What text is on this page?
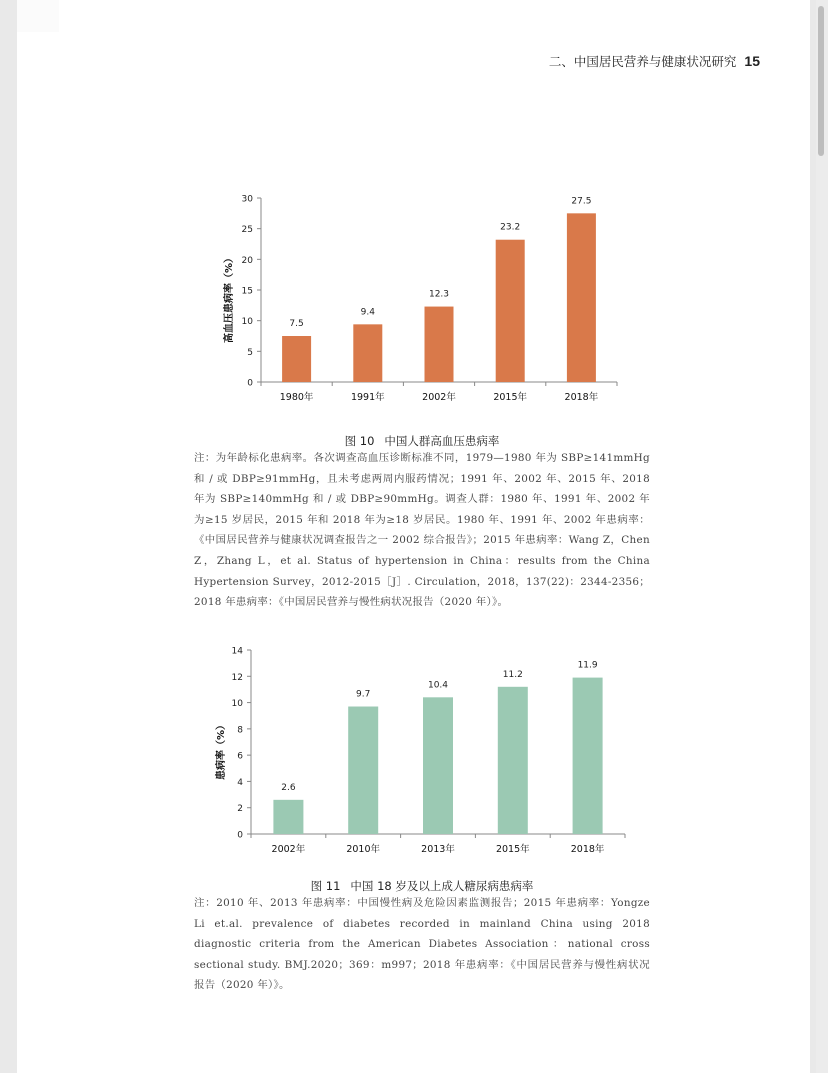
二、中国居民营养与健康状况研究 15
0
5
10
15
20
25
30
高血压患病率（%）	7.5
1980年
9.4
1991年
12.3
2002年
23.2
2015年
27.5
2018年
图 10 中国人群高血压患病率
注：为年龄标化患病率。各次调查高血压诊断标准不同，1979—1980 年为 SBP≥141mmHg 和 / 或 DBP≥91mmHg，且未考虑两周内服药情况；1991 年、2002 年、2015 年、2018 年为 SBP≥140mmHg 和 / 或 DBP≥90mmHg。调查人群：1980 年、1991 年、2002 年为≥15 岁居民，2015 年和 2018 年为≥18 岁居民。1980 年、1991 年、2002 年患病率：《中国居民营养与健康状况调查报告之一 2002 综合报告》；2015 年患病率：Wang Z，Chen Z，Zhang L，et al. Status of hypertension in China：results from the China Hypertension Survey，2012-2015［J］. Circulation，2018，137(22)：2344-2356；2018 年患病率：《中国居民营养与慢性病状况报告（2020 年）》。
0
2
4
6
8
10
12
14
患病率（%）
2.6
2002年
9.7
2010年
10.4
2013年
11.2
2015年
11.9
2018年
图 11 中国 18 岁及以上成人糖尿病患病率
注：2010 年、2013 年患病率：中国慢性病及危险因素监测报告；2015 年患病率：Yongze Li et.al. prevalence of diabetes recorded in mainland China using 2018 diagnostic criteria from the American Diabetes Association：national cross sectional study. BMJ.2020；369：m997；2018 年患病率：《中国居民营养与慢性病状况报告（2020 年）》。
